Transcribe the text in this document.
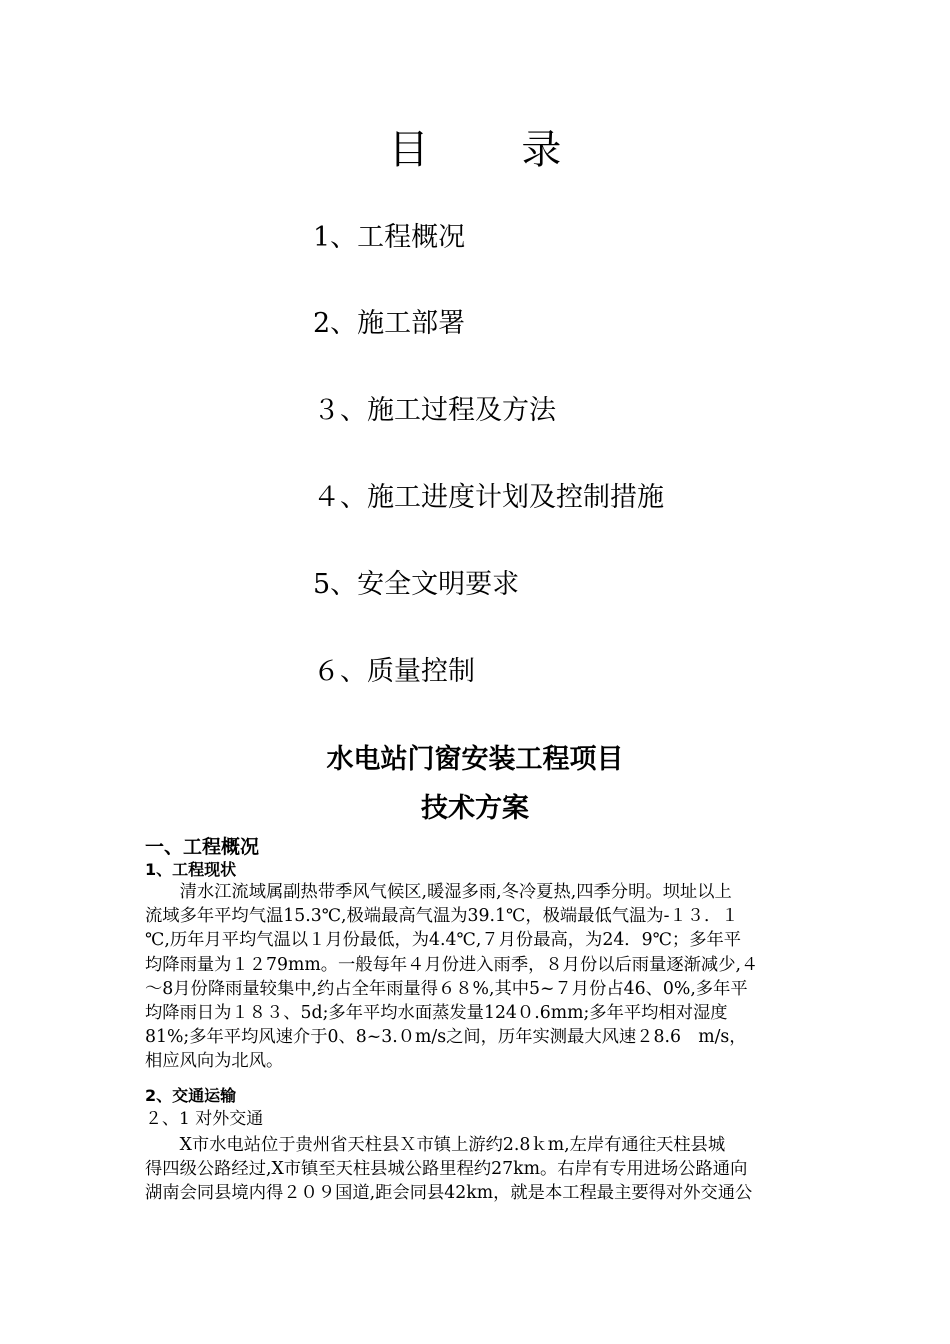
目 录
1、工程概况
2、施工部署
３、施工过程及方法
４、施工进度计划及控制措施
5、安全文明要求
６、质量控制
水电站门窗安装工程项目
技术方案
一、工程概况
1、工程现状
　　清水江流域属副热带季风气候区,暖湿多雨,冬冷夏热,四季分明。坝址以上
流域多年平均气温15.3℃,极端最高气温为39.1℃，极端最低气温为-１３．１
℃,历年月平均气温以１月份最低，为4.4℃,７月份最高，为24．9℃；多年平
均降雨量为１２79mm。一般每年４月份进入雨季，８月份以后雨量逐渐减少,４
～8月份降雨量较集中,约占全年雨量得６８%,其中5~７月份占46、0%,多年平
均降雨日为１８３、5d;多年平均水面蒸发量124０.6mm;多年平均相对湿度
81%;多年平均风速介于0、8~3.０m/s之间，历年实测最大风速２8.6　m/s，
相应风向为北风。
2、交通运输
２、1 对外交通
　　X市水电站位于贵州省天柱县Ｘ市镇上游约2.8ｋm,左岸有通往天柱县城
得四级公路经过,X市镇至天柱县城公路里程约27km。右岸有专用进场公路通向
湖南会同县境内得２０９国道,距会同县42km，就是本工程最主要得对外交通公
